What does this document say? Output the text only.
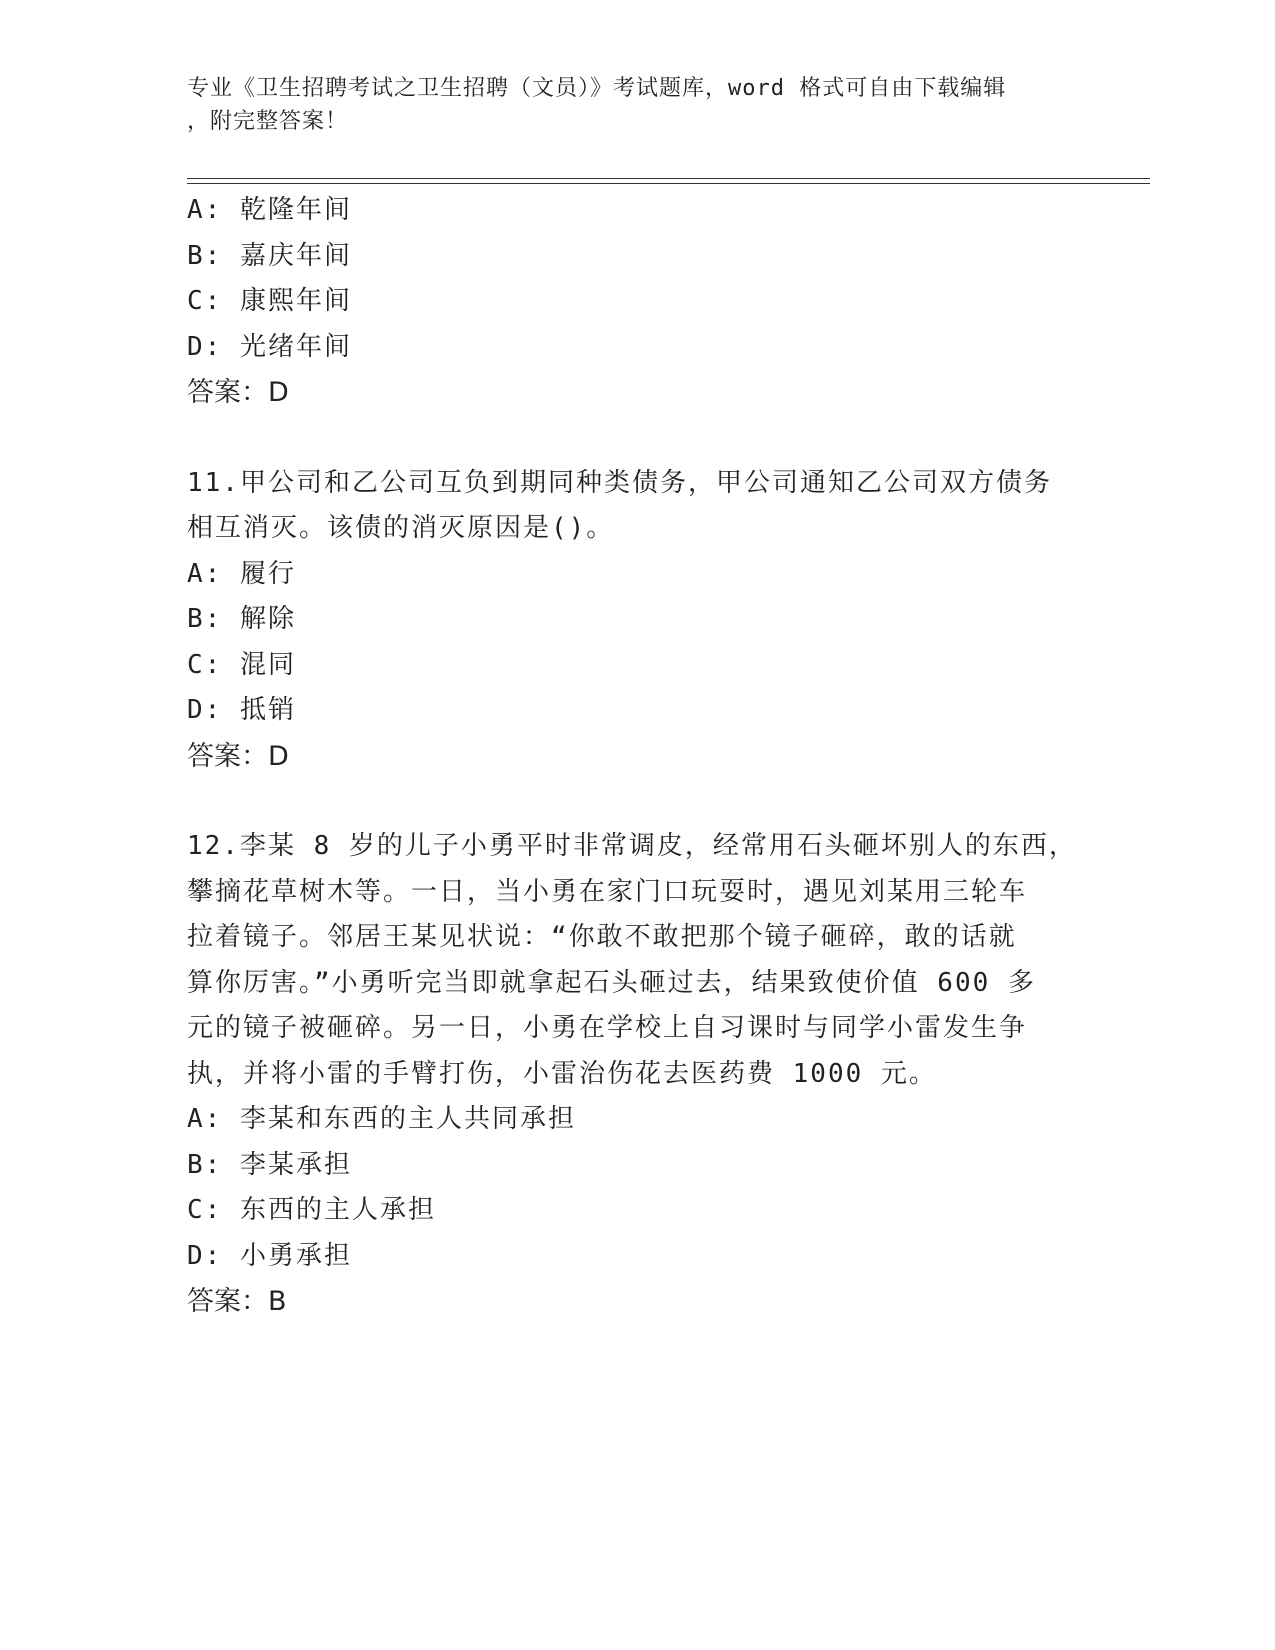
专业《卫生招聘考试之卫生招聘（文员）》考试题库，word 格式可自由下载编辑
，附完整答案！
A: 乾隆年间
B: 嘉庆年间
C: 康熙年间
D: 光绪年间
答案：D
11.甲公司和乙公司互负到期同种类债务，甲公司通知乙公司双方债务
相互消灭。该债的消灭原因是()。
A: 履行
B: 解除
C: 混同
D: 抵销
答案：D
12.李某 8 岁的儿子小勇平时非常调皮，经常用石头砸坏别人的东西，
攀摘花草树木等。一日，当小勇在家门口玩耍时，遇见刘某用三轮车
拉着镜子。邻居王某见状说：“你敢不敢把那个镜子砸碎，敢的话就
算你厉害。”小勇听完当即就拿起石头砸过去，结果致使价值 600 多
元的镜子被砸碎。另一日，小勇在学校上自习课时与同学小雷发生争
执，并将小雷的手臂打伤，小雷治伤花去医药费 1000 元。
A: 李某和东西的主人共同承担
B: 李某承担
C: 东西的主人承担
D: 小勇承担
答案：B
